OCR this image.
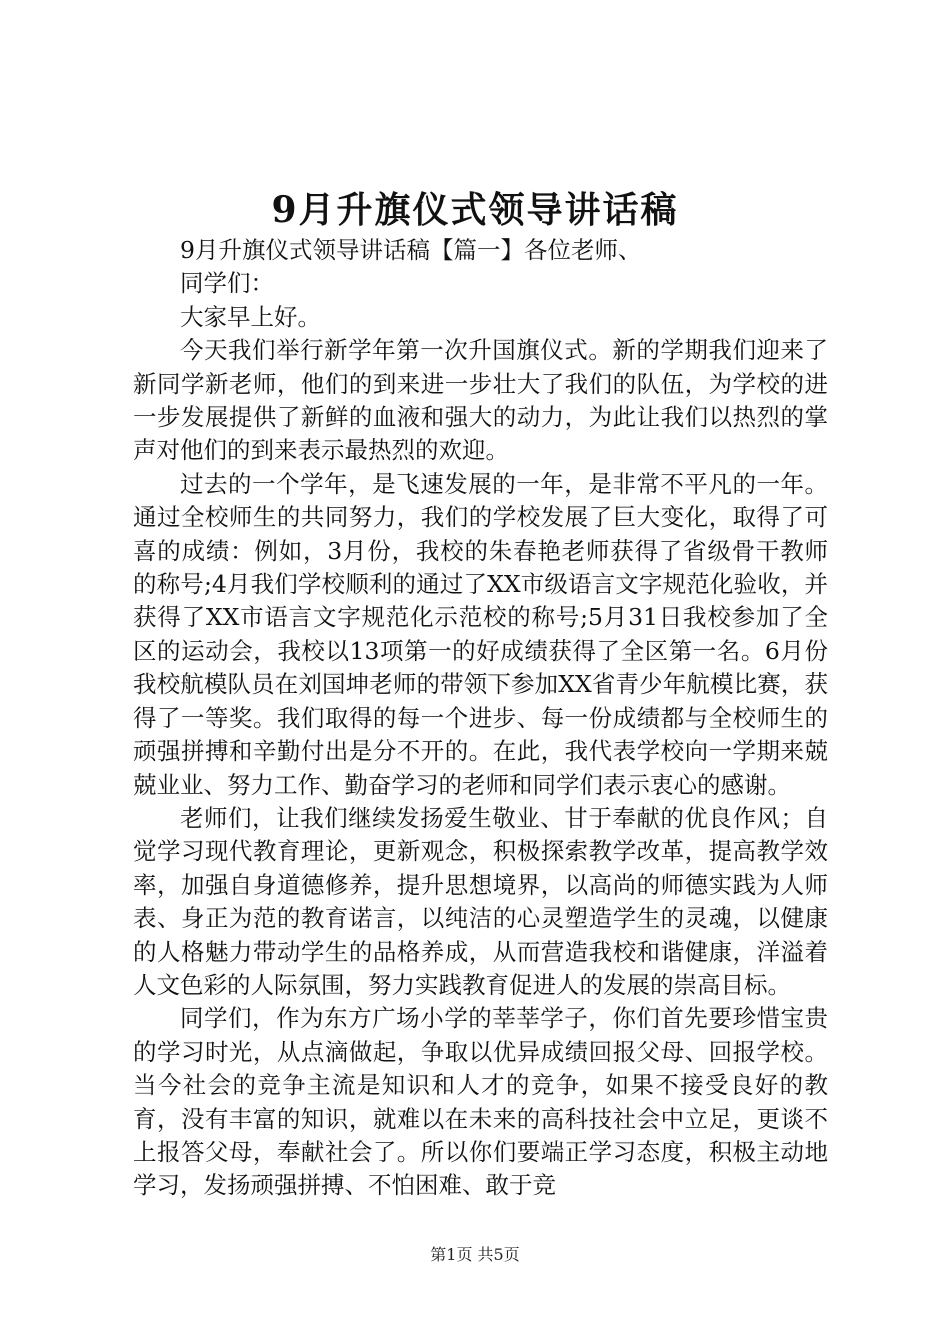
9月升旗仪式领导讲话稿

9月升旗仪式领导讲话稿【篇一】各位老师、

同学们：

大家早上好。

今天我们举行新学年第一次升国旗仪式。新的学期我们迎来了新同学新老师，他们的到来进一步壮大了我们的队伍，为学校的进一步发展提供了新鲜的血液和强大的动力，为此让我们以热烈的掌声对他们的到来表示最热烈的欢迎。

过去的一个学年，是飞速发展的一年，是非常不平凡的一年。通过全校师生的共同努力，我们的学校发展了巨大变化，取得了可喜的成绩：例如，3月份，我校的朱春艳老师获得了省级骨干教师的称号;4月我们学校顺利的通过了XX市级语言文字规范化验收，并获得了XX市语言文字规范化示范校的称号;5月31日我校参加了全区的运动会，我校以13项第一的好成绩获得了全区第一名。6月份我校航模队员在刘国坤老师的带领下参加XX省青少年航模比赛，获得了一等奖。我们取得的每一个进步、每一份成绩都与全校师生的顽强拼搏和辛勤付出是分不开的。在此，我代表学校向一学期来兢兢业业、努力工作、勤奋学习的老师和同学们表示衷心的感谢。

老师们，让我们继续发扬爱生敬业、甘于奉献的优良作风；自觉学习现代教育理论，更新观念，积极探索教学改革，提高教学效率，加强自身道德修养，提升思想境界，以高尚的师德实践为人师表、身正为范的教育诺言，以纯洁的心灵塑造学生的灵魂，以健康的人格魅力带动学生的品格养成，从而营造我校和谐健康，洋溢着人文色彩的人际氛围，努力实践教育促进人的发展的崇高目标。

同学们，作为东方广场小学的莘莘学子，你们首先要珍惜宝贵的学习时光，从点滴做起，争取以优异成绩回报父母、回报学校。当今社会的竞争主流是知识和人才的竞争，如果不接受良好的教育，没有丰富的知识，就难以在未来的高科技社会中立足，更谈不上报答父母，奉献社会了。所以你们要端正学习态度，积极主动地学习，发扬顽强拼搏、不怕困难、敢于竞

第1页 共5页
